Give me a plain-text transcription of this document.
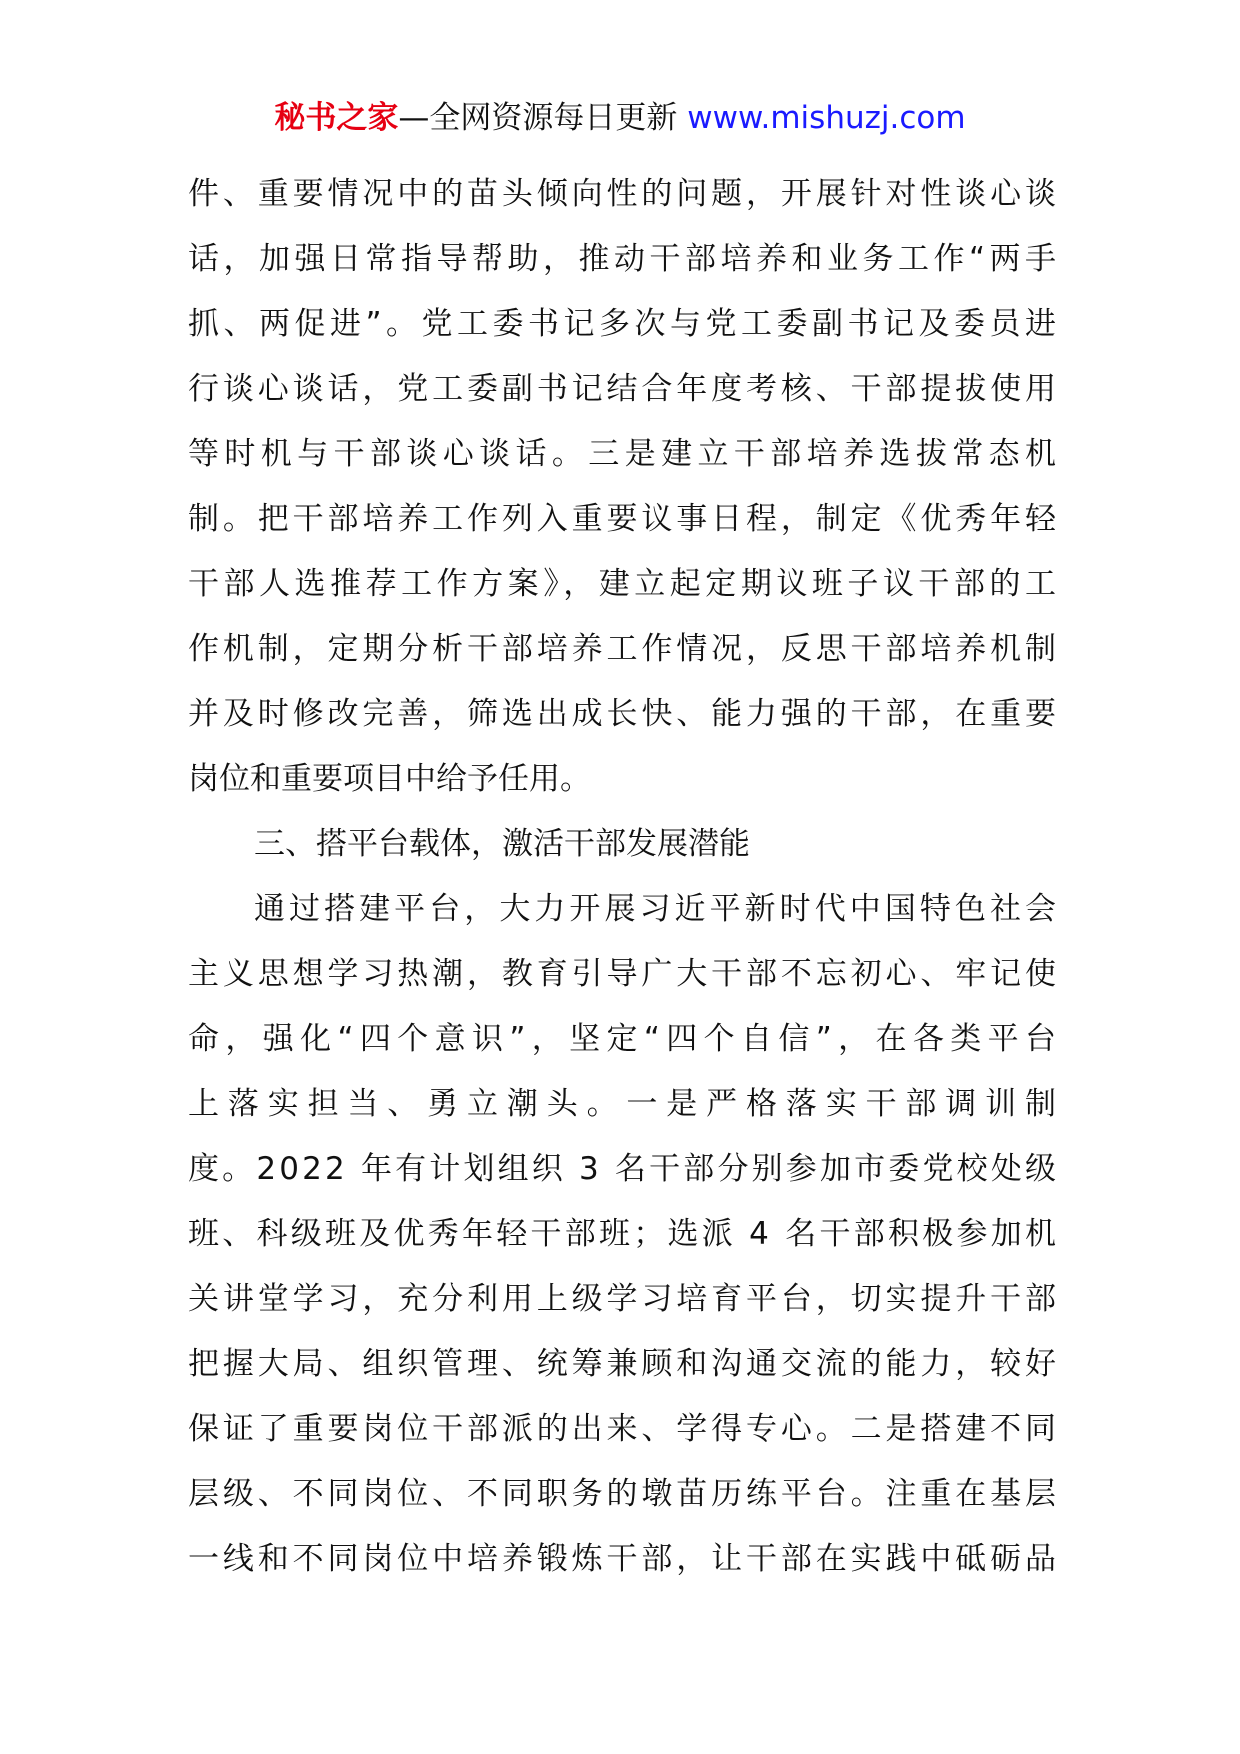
秘书之家—全网资源每日更新 www.mishuzj.com
件、重要情况中的苗头倾向性的问题，开展针对性谈心谈
话，加强日常指导帮助，推动干部培养和业务工作“两手
抓、两促进”。党工委书记多次与党工委副书记及委员进
行谈心谈话，党工委副书记结合年度考核、干部提拔使用
等时机与干部谈心谈话。三是建立干部培养选拔常态机
制。把干部培养工作列入重要议事日程，制定《优秀年轻
干部人选推荐工作方案》，建立起定期议班子议干部的工
作机制，定期分析干部培养工作情况，反思干部培养机制
并及时修改完善，筛选出成长快、能力强的干部，在重要
岗位和重要项目中给予任用。
三、搭平台载体，激活干部发展潜能
通过搭建平台，大力开展习近平新时代中国特色社会
主义思想学习热潮，教育引导广大干部不忘初心、牢记使
命，强化“四个意识”，坚定“四个自信”，在各类平台
上落实担当、勇立潮头。一是严格落实干部调训制
度。2022 年有计划组织 3 名干部分别参加市委党校处级
班、科级班及优秀年轻干部班；选派 4 名干部积极参加机
关讲堂学习，充分利用上级学习培育平台，切实提升干部
把握大局、组织管理、统筹兼顾和沟通交流的能力，较好
保证了重要岗位干部派的出来、学得专心。二是搭建不同
层级、不同岗位、不同职务的墩苗历练平台。注重在基层
一线和不同岗位中培养锻炼干部，让干部在实践中砥砺品
